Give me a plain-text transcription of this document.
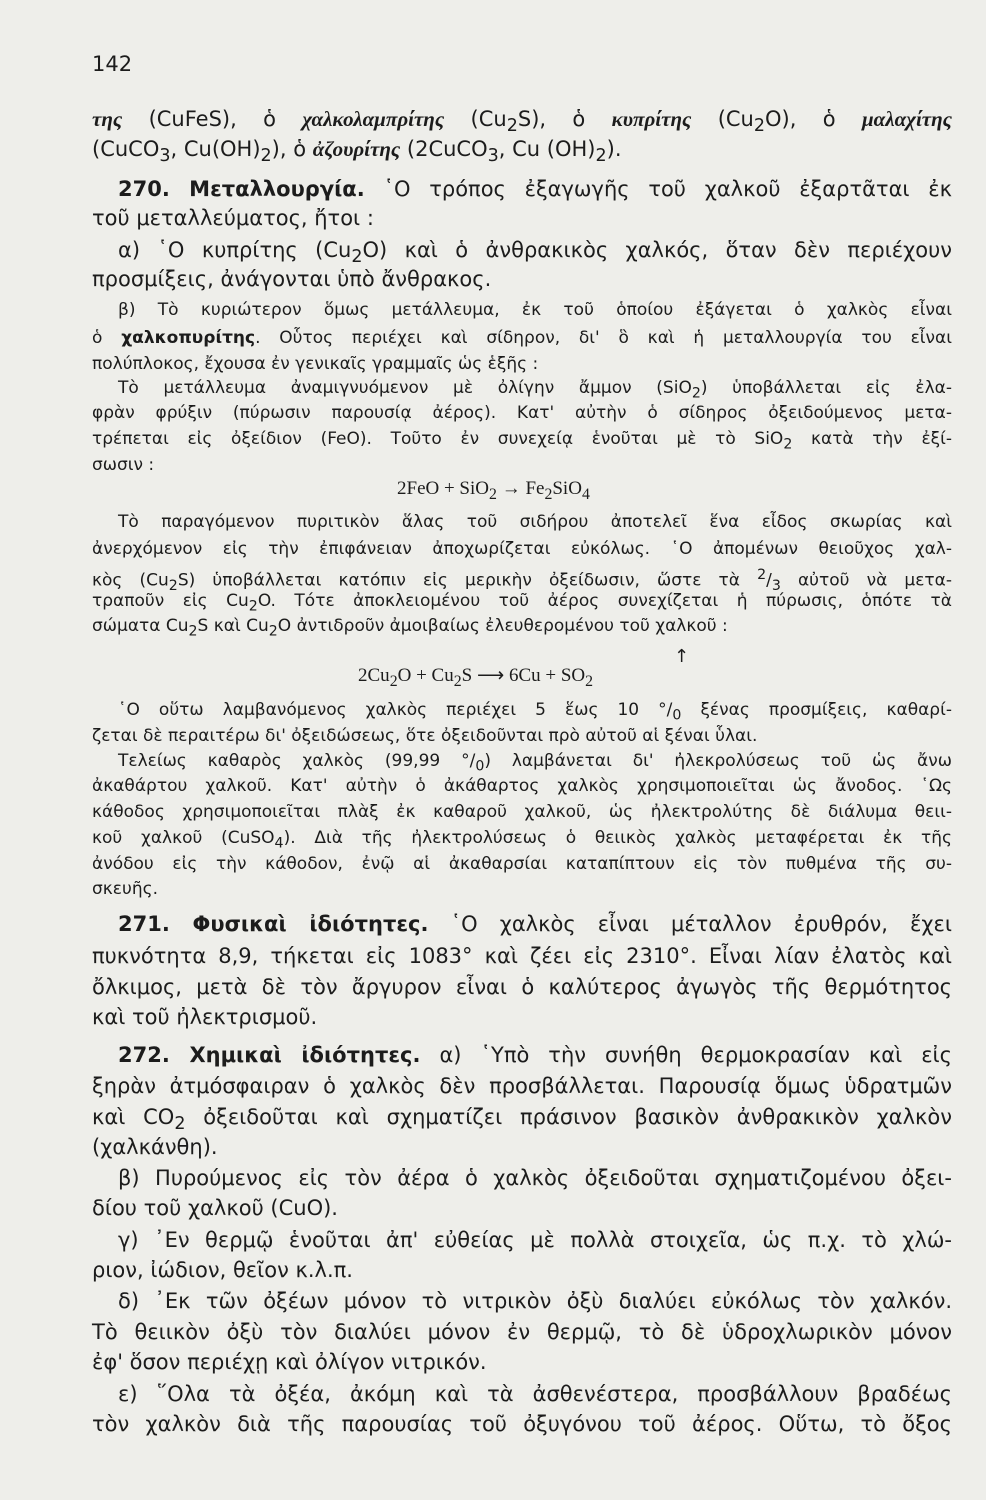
142
της (CuFeS), ὁ χαλκολαμπρίτης $(Cu_2S)$, ὁ κυπρίτης $(Cu_2O)$, ὁ μαλαχίτης
(CuCO$_3$, $Cu(OH)_2$), ὁ ἀζουρίτης (2CuCO$_3$, Cu $(OH)_2$).
270. Μεταλλουργία. ῾Ο τρόπος ἐξαγωγῆς τοῦ χαλκοῦ ἐξαρτᾶται ἐκ
τοῦ μεταλλεύματος, ἤτοι :
α) ῾Ο κυπρίτης $(Cu_2O)$ καὶ ὁ ἀνθρακικὸς χαλκός, ὅταν δὲν περιέχουν
προσμίξεις, ἀνάγονται ὑπὸ ἄνθρακος.
β) Τὸ κυριώτερον ὅμως μετάλλευμα, ἐκ τοῦ ὁποίου ἐξάγεται ὁ χαλκὸς εἶναι
ὁ χαλκοπυρίτης. Οὗτος περιέχει καὶ σίδηρον, δι' ὃ καὶ ἡ μεταλλουργία του εἶναι
πολύπλοκος, ἔχουσα ἐν γενικαῖς γραμμαῖς ὡς ἑξῆς :
Τὸ μετάλλευμα ἀναμιγνυόμενον μὲ ὀλίγην ἄμμον (SiO$_2$) ὑποβάλλεται εἰς ἐλα-
φρὰν φρύξιν (πύρωσιν παρουσίᾳ ἀέρος). Κατ' αὐτὴν ὁ σίδηρος ὀξειδούμενος μετα-
τρέπεται εἰς ὀξείδιον (FeO). Τοῦτο ἐν συνεχείᾳ ἑνοῦται μὲ τὸ SiO$_2$ κατὰ τὴν ἐξί-
σωσιν :
$2FeO + SiO_2 \to Fe_2SiO_4$
Τὸ παραγόμενον πυριτικὸν ἅλας τοῦ σιδήρου ἀποτελεῖ ἕνα εἶδος σκωρίας καὶ
ἀνερχόμενον εἰς τὴν ἐπιφάνειαν ἀποχωρίζεται εὐκόλως. ῾Ο ἀπομένων θειοῦχος χαλ-
κὸς $(Cu_2S)$ ὑποβάλλεται κατόπιν εἰς μερικὴν ὀξείδωσιν, ὥστε τὰ $^2/_3$ αὐτοῦ νὰ μετα-
τραποῦν εἰς $Cu_2O$. Τότε ἀποκλειομένου τοῦ ἀέρος συνεχίζεται ἡ πύρωσις, ὁπότε τὰ
σώματα $Cu_2S$ καὶ $Cu_2O$ ἀντιδροῦν ἀμοιβαίως ἐλευθερομένου τοῦ χαλκοῦ :
↑
$2Cu_2O + Cu_2S$ ⟶ $6Cu + SO_2$
῾Ο οὕτω λαμβανόμενος χαλκὸς περιέχει 5 ἕως 10 $^\circ/_0$ ξένας προσμίξεις, καθαρί-
ζεται δὲ περαιτέρω δι' ὀξειδώσεως, ὅτε ὀξειδοῦνται πρὸ αὐτοῦ αἱ ξέναι ὗλαι.
Τελείως καθαρὸς χαλκὸς (99,99 $^\circ/_0$) λαμβάνεται δι' ἠλεκρολύσεως τοῦ ὡς ἄνω
ἀκαθάρτου χαλκοῦ. Κατ' αὐτὴν ὁ ἀκάθαρτος χαλκὸς χρησιμοποιεῖται ὡς ἄνοδος. ῾Ως
κάθοδος χρησιμοποιεῖται πλὰξ ἐκ καθαροῦ χαλκοῦ, ὡς ἠλεκτρολύτης δὲ διάλυμα θειι-
κοῦ χαλκοῦ (CuSO$_4$). Διὰ τῆς ἠλεκτρολύσεως ὁ θειικὸς χαλκὸς μεταφέρεται ἐκ τῆς
ἀνόδου εἰς τὴν κάθοδον, ἐνῷ αἱ ἀκαθαρσίαι καταπίπτουν εἰς τὸν πυθμένα τῆς συ-
σκευῆς.
271. Φυσικαὶ ἰδιότητες. ῾Ο χαλκὸς εἶναι μέταλλον ἐρυθρόν, ἔχει
πυκνότητα 8,9, τήκεται εἰς 1083° καὶ ζέει εἰς 2310°. Εἶναι λίαν ἐλατὸς καὶ
ὄλκιμος, μετὰ δὲ τὸν ἄργυρον εἶναι ὁ καλύτερος ἀγωγὸς τῆς θερμότητος
καὶ τοῦ ἠλεκτρισμοῦ.
272. Χημικαὶ ἰδιότητες. α) ῾Υπὸ τὴν συνήθη θερμοκρασίαν καὶ εἰς
ξηρὰν ἀτμόσφαιραν ὁ χαλκὸς δὲν προσβάλλεται. Παρουσίᾳ ὅμως ὑδρατμῶν
καὶ $CO_2$ ὀξειδοῦται καὶ σχηματίζει πράσινον βασικὸν ἀνθρακικὸν χαλκὸν
(χαλκάνθη).
β) Πυρούμενος εἰς τὸν ἀέρα ὁ χαλκὸς ὀξειδοῦται σχηματιζομένου ὀξει-
δίου τοῦ χαλκοῦ (CuO).
γ) ᾿Εν θερμῷ ἑνοῦται ἀπ' εὐθείας μὲ πολλὰ στοιχεῖα, ὡς π.χ. τὸ χλώ-
ριον, ἰώδιον, θεῖον κ.λ.π.
δ) ᾿Εκ τῶν ὀξέων μόνον τὸ νιτρικὸν ὀξὺ διαλύει εὐκόλως τὸν χαλκόν.
Τὸ θειικὸν ὀξὺ τὸν διαλύει μόνον ἐν θερμῷ, τὸ δὲ ὑδροχλωρικὸν μόνον
ἐφ' ὅσον περιέχῃ καὶ ὀλίγον νιτρικόν.
ε) ῞Ολα τὰ ὀξέα, ἀκόμη καὶ τὰ ἀσθενέστερα, προσβάλλουν βραδέως
τὸν χαλκὸν διὰ τῆς παρουσίας τοῦ ὀξυγόνου τοῦ ἀέρος. Οὕτω, τὸ ὄξος
